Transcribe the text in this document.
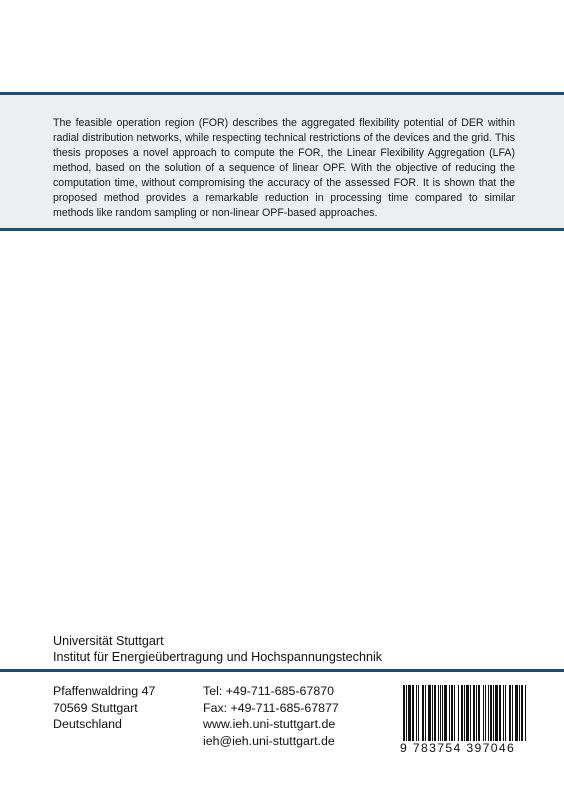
The feasible operation region (FOR) describes the aggregated flexibility potential of DER within radial distribution networks, while respecting technical restrictions of the devices and the grid. This thesis proposes a novel approach to compute the FOR, the Linear Flexibility Aggregation (LFA) method, based on the solution of a sequence of linear OPF. With the objective of reducing the computation time, without compromising the accuracy of the assessed FOR. It is shown that the proposed method provides a remarkable reduction in processing time compared to similar methods like random sampling or non-linear OPF-based approaches.

Universität Stuttgart
Institut für Energieübertragung und Hochspannungstechnik
Pfaffenwaldring 47
70569 Stuttgart
Deutschland
Tel: +49-711-685-67870
Fax: +49-711-685-67877
www.ieh.uni-stuttgart.de
ieh@ieh.uni-stuttgart.de
9 783754 397046
